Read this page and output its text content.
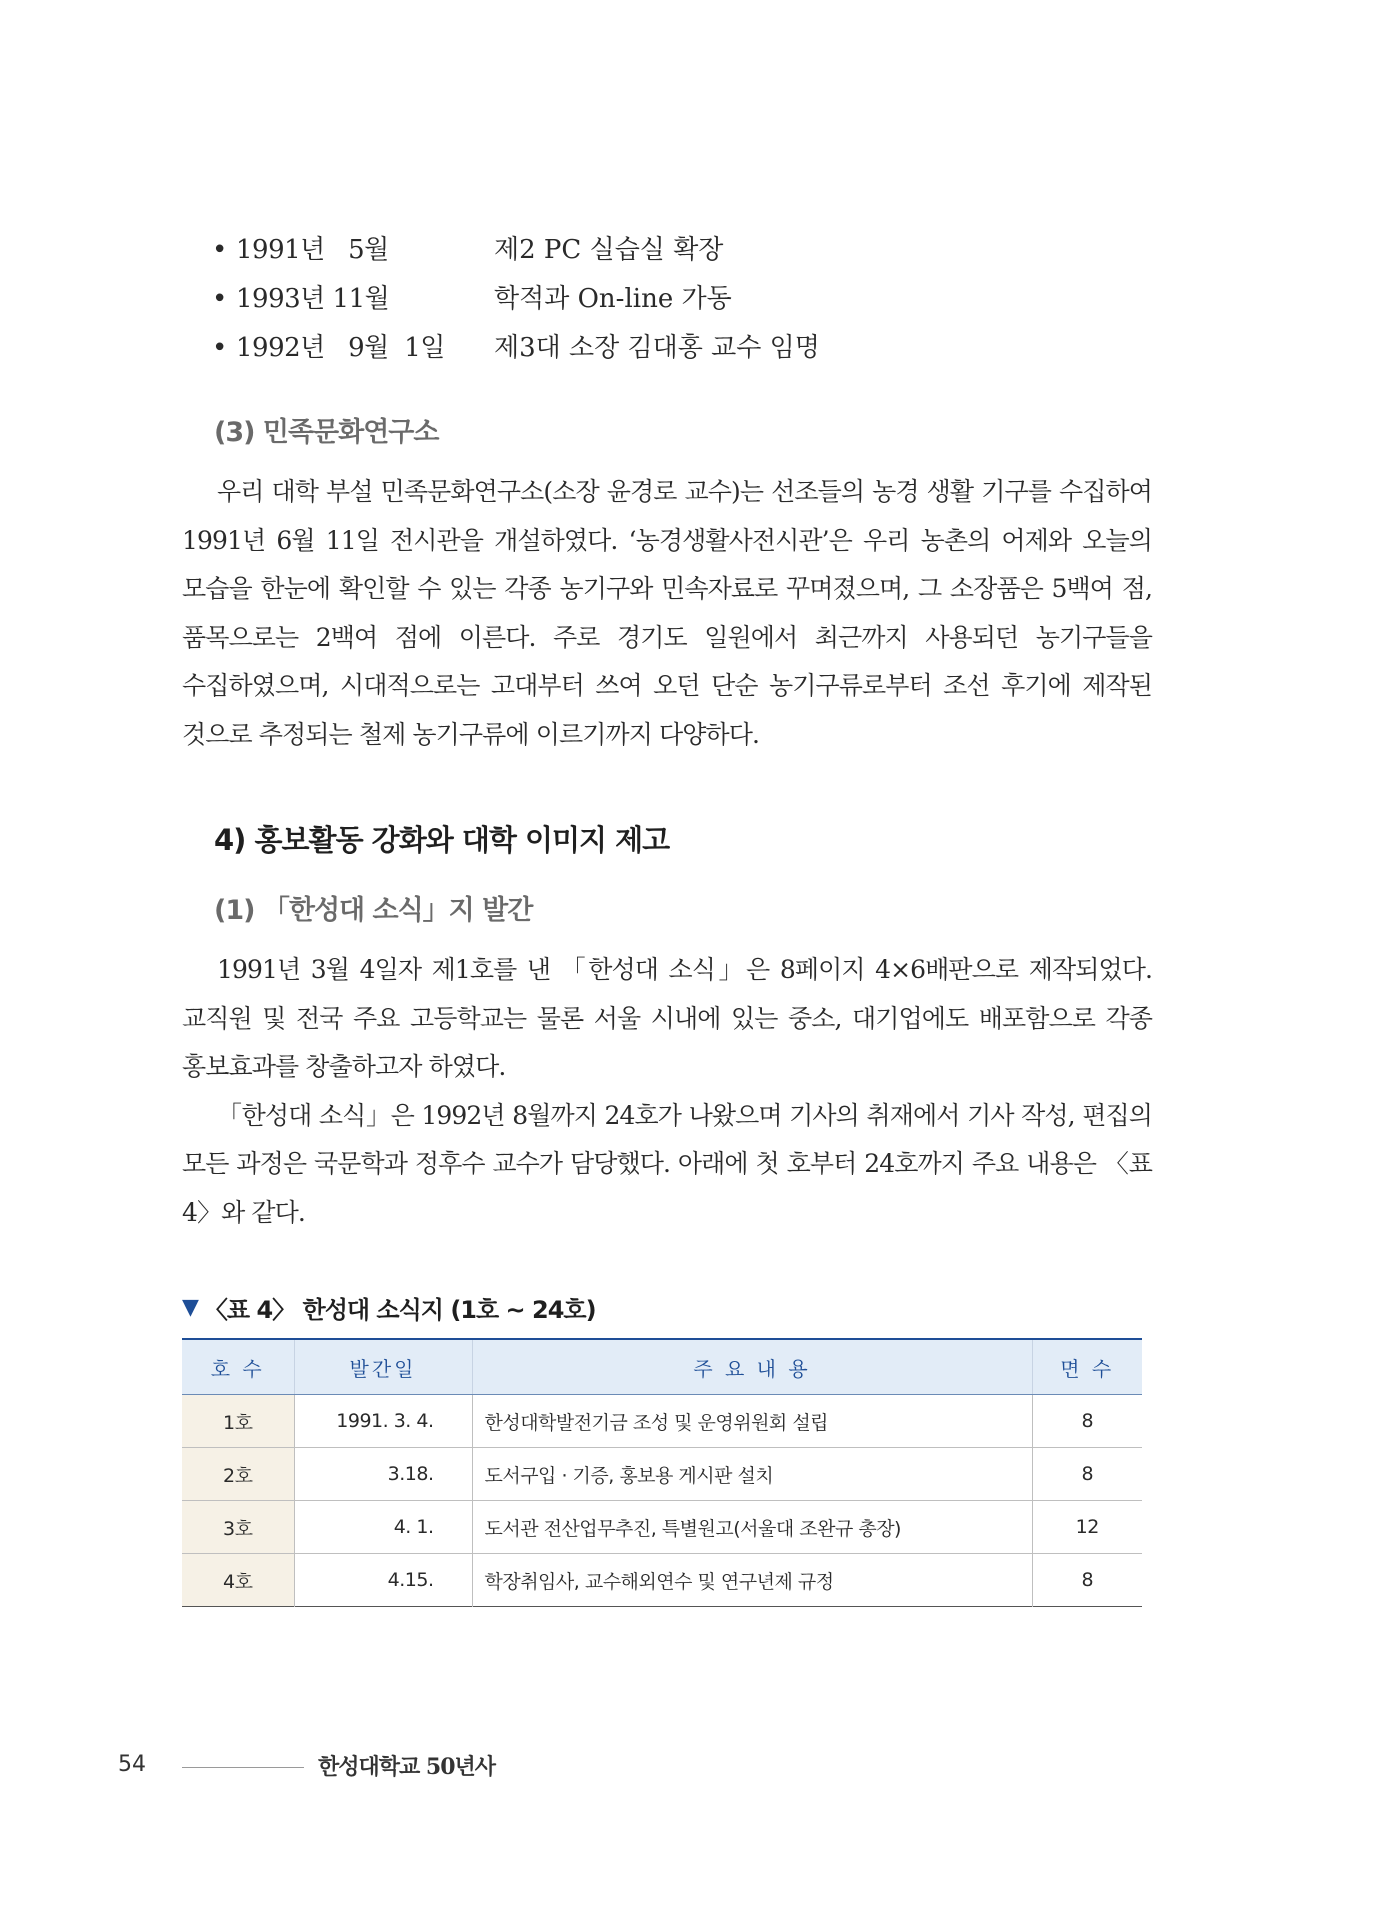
• 1991년   5월	제2 PC 실습실 확장
• 1993년 11월	학적과 On-line 가동
• 1992년   9월  1일 제3대 소장 김대홍 교수 임명
(3) 민족문화연구소

우리 대학 부설 민족문화연구소(소장 윤경로 교수)는 선조들의 농경 생활 기구를 수집하여 1991년 6월 11일 전시관을 개설하였다. ‘농경생활사전시관’은 우리 농촌의 어제와 오늘의 모습을 한눈에 확인할 수 있는 각종 농기구와 민속자료로 꾸며졌으며, 그 소장품은 5백여 점, 품목으로는 2백여 점에 이른다. 주로 경기도 일원에서 최근까지 사용되던 농기구들을 수집하였으며, 시대적으로는 고대부터 쓰여 오던 단순 농기구류로부터 조선 후기에 제작된 것으로 추정되는 철제 농기구류에 이르기까지 다양하다.

4) 홍보활동 강화와 대학 이미지 제고
(1) 「한성대 소식」지 발간

1991년 3월 4일자 제1호를 낸 「한성대 소식」은 8페이지 4×6배판으로 제작되었다. 교직원 및 전국 주요 고등학교는 물론 서울 시내에 있는 중소, 대기업에도 배포함으로 각종 홍보효과를 창출하고자 하였다.

「한성대 소식」은 1992년 8월까지 24호가 나왔으며 기사의 취재에서 기사 작성, 편집의 모든 과정은 국문학과 정후수 교수가 담당했다. 아래에 첫 호부터 24호까지 주요 내용은 〈표 4〉와 같다.

▼ 〈표 4〉 한성대 소식지 (1호 ~ 24호)
호 수	발간일	주 요 내 용	면 수
1호	1991. 3. 4.	한성대학발전기금 조성 및 운영위원회 설립	8
2호	3.18.	도서구입 · 기증, 홍보용 게시판 설치	8
3호	4. 1.	도서관 전산업무추진, 특별원고(서울대 조완규 총장)	12
4호	4.15.	학장취임사, 교수해외연수 및 연구년제 규정	8
54	한성대학교 50년사
